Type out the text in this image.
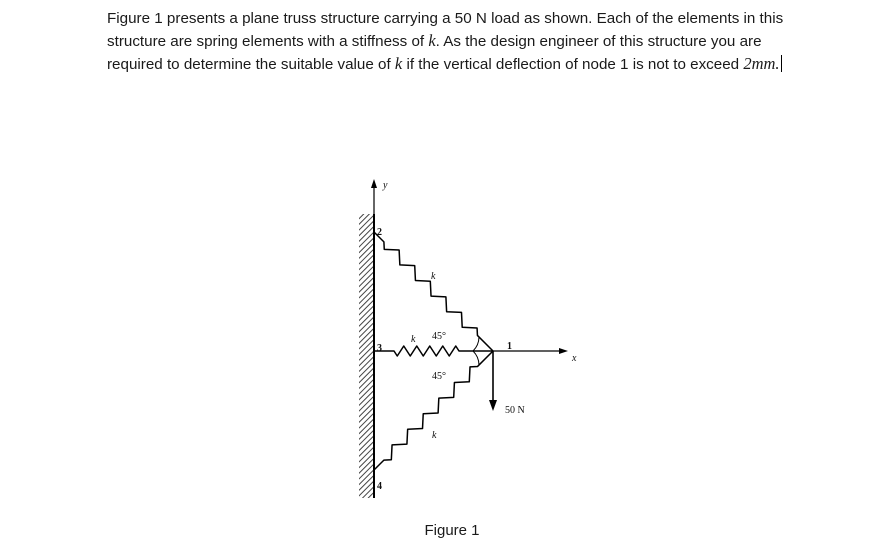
Figure 1 presents a plane truss structure carrying a 50 N load as shown. Each of the elements in this
structure are spring elements with a stiffness of k. As the design engineer of this structure you are
required to determine the suitable value of k if the vertical deflection of node 1 is not to exceed 2mm.
y
x
50 N
2
3
4
1
k
k
k
45°
45°
Figure 1
